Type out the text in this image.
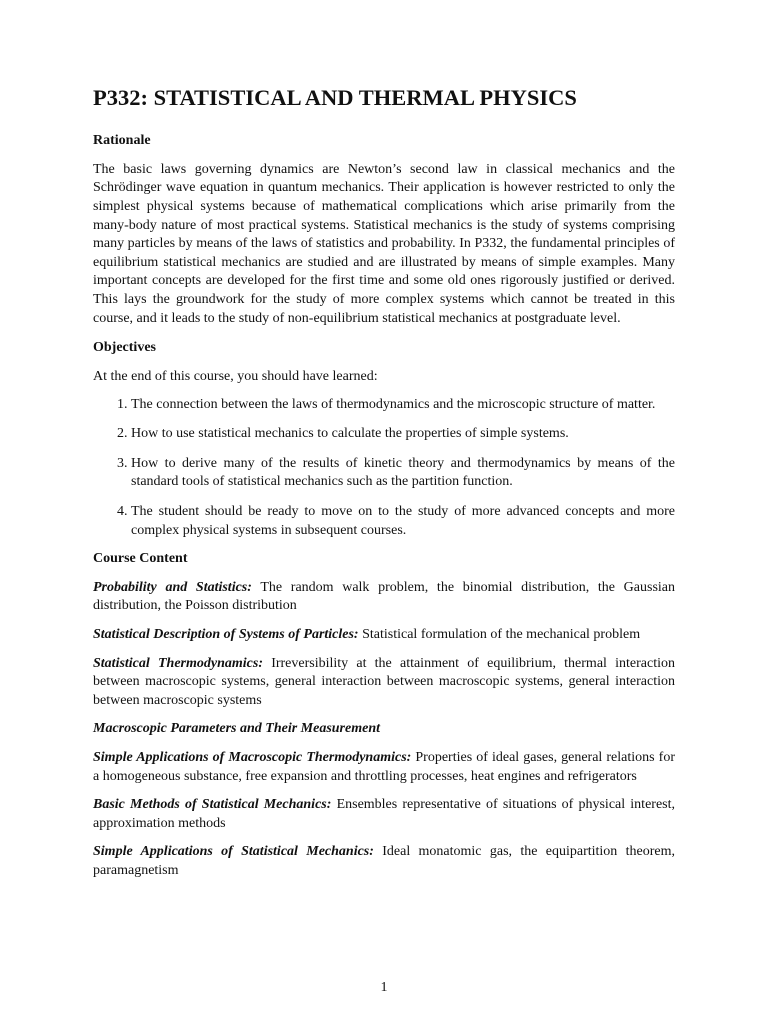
P332: STATISTICAL AND THERMAL PHYSICS
Rationale

The basic laws governing dynamics are Newton’s second law in classical mechanics and the Schrödinger wave equation in quantum mechanics. Their application is however restricted to only the simplest physical systems because of mathematical complications which arise primarily from the many-body nature of most practical systems. Statistical mechanics is the study of systems comprising many particles by means of the laws of statistics and probability. In P332, the fundamental principles of equilibrium statistical mechanics are studied and are illustrated by means of simple examples. Many important concepts are developed for the first time and some old ones rigorously justified or derived. This lays the groundwork for the study of more complex systems which cannot be treated in this course, and it leads to the study of non-equilibrium statistical mechanics at postgraduate level.

Objectives

At the end of this course, you should have learned:

1. The connection between the laws of thermodynamics and the microscopic structure of matter.
2. How to use statistical mechanics to calculate the properties of simple systems.
3. How to derive many of the results of kinetic theory and thermodynamics by means of the standard tools of statistical mechanics such as the partition function.
4. The student should be ready to move on to the study of more advanced concepts and more complex physical systems in subsequent courses.
Course Content

Probability and Statistics: The random walk problem, the binomial distribution, the Gaussian distribution, the Poisson distribution

Statistical Description of Systems of Particles: Statistical formulation of the mechanical problem

Statistical Thermodynamics: Irreversibility at the attainment of equilibrium, thermal interaction between macroscopic systems, general interaction between macroscopic systems, general interaction between macroscopic systems

Macroscopic Parameters and Their Measurement

Simple Applications of Macroscopic Thermodynamics: Properties of ideal gases, general relations for a homogeneous substance, free expansion and throttling processes, heat engines and refrigerators

Basic Methods of Statistical Mechanics: Ensembles representative of situations of physical interest, approximation methods

Simple Applications of Statistical Mechanics: Ideal monatomic gas, the equipartition theorem, paramagnetism

1
